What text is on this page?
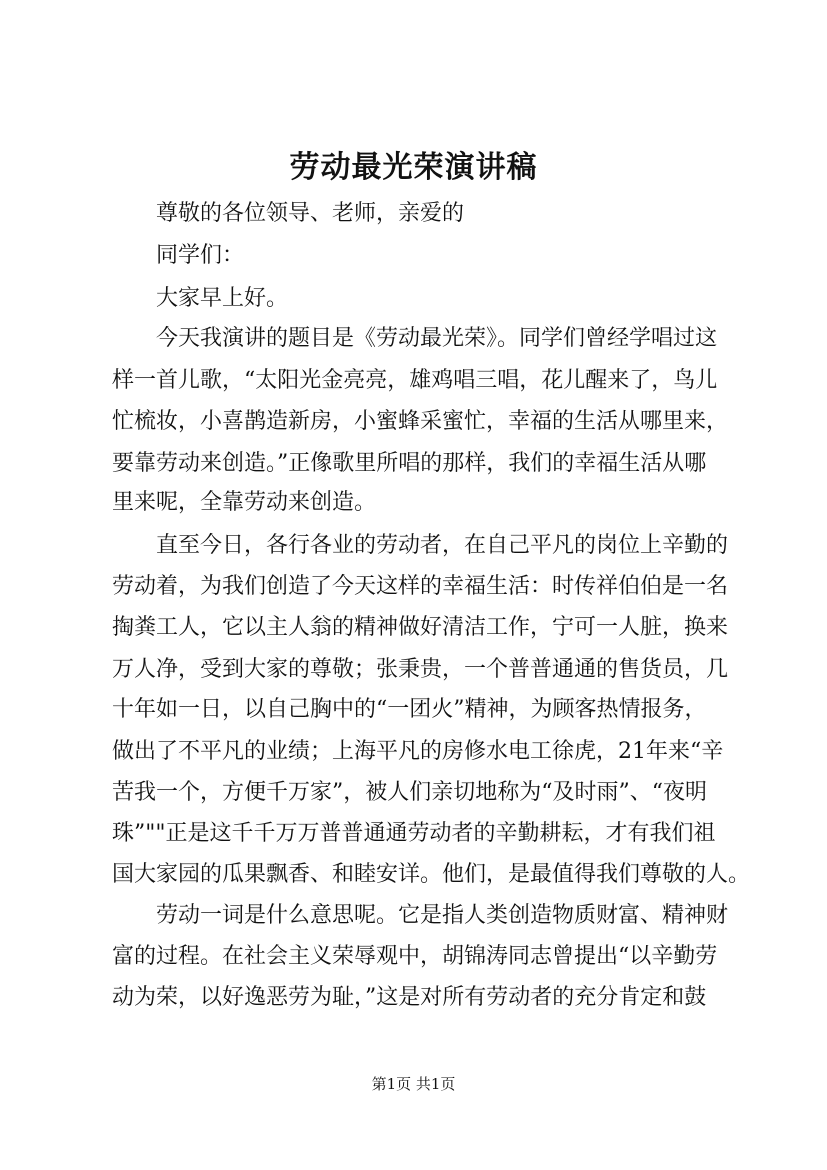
劳动最光荣演讲稿
尊敬的各位领导、老师，亲爱的
同学们：
大家早上好。
今天我演讲的题目是《劳动最光荣》。同学们曾经学唱过这
样一首儿歌，“太阳光金亮亮，雄鸡唱三唱，花儿醒来了，鸟儿
忙梳妆，小喜鹊造新房，小蜜蜂采蜜忙，幸福的生活从哪里来，
要靠劳动来创造。”正像歌里所唱的那样，我们的幸福生活从哪
里来呢，全靠劳动来创造。
直至今日，各行各业的劳动者，在自己平凡的岗位上辛勤的
劳动着，为我们创造了今天这样的幸福生活：时传祥伯伯是一名
掏粪工人，它以主人翁的精神做好清洁工作，宁可一人脏，换来
万人净，受到大家的尊敬；张秉贵，一个普普通通的售货员，几
十年如一日，以自己胸中的“一团火”精神，为顾客热情报务，
做出了不平凡的业绩；上海平凡的房修水电工徐虎，21年来“辛
苦我一个，方便千万家”，被人们亲切地称为“及时雨”、“夜明
珠”""正是这千千万万普普通通劳动者的辛勤耕耘，才有我们祖
国大家园的瓜果飘香、和睦安详。他们，是最值得我们尊敬的人。
劳动一词是什么意思呢。它是指人类创造物质财富、精神财
富的过程。在社会主义荣辱观中，胡锦涛同志曾提出“以辛勤劳
动为荣，以好逸恶劳为耻，”这是对所有劳动者的充分肯定和鼓
第1页 共1页
